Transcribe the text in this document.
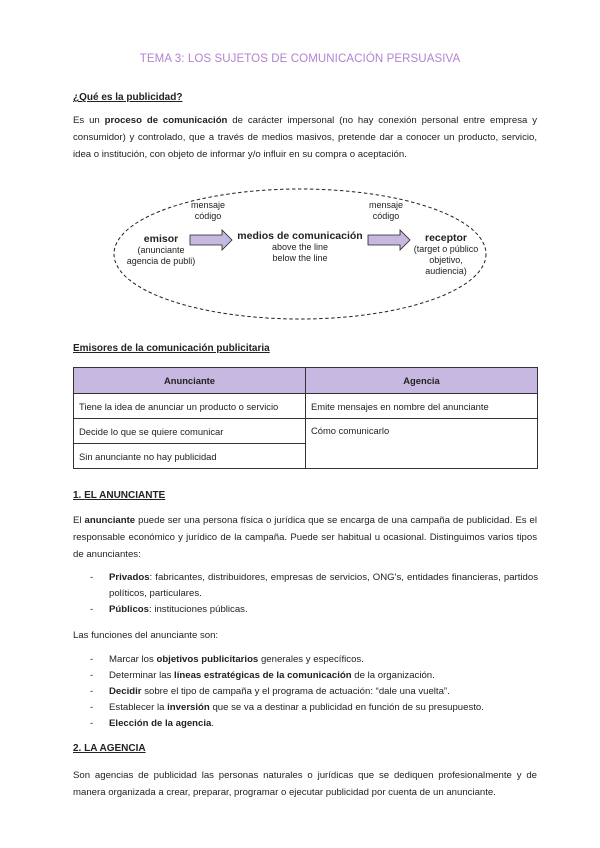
TEMA 3: LOS SUJETOS DE COMUNICACIÓN PERSUASIVA
¿Qué es la publicidad?

Es un proceso de comunicación de carácter impersonal (no hay conexión personal entre empresa y consumidor) y controlado, que a través de medios masivos, pretende dar a conocer un producto, servicio, idea o institución, con objeto de informar y/o influir en su compra o aceptación.

mensaje
código
mensaje
código
emisor
(anunciante
agencia de publi)
medios de comunicación
above the line
below the line
receptor
(target o público
objetivo,
audiencia)
Emisores de la comunicación publicitaria
Anunciante	Agencia
Tiene la idea de anunciar un producto o servicio	Emite mensajes en nombre del anunciante
Decide lo que se quiere comunicar	Cómo comunicarlo
Sin anunciante no hay publicidad	
1. EL ANUNCIANTE

El anunciante puede ser una persona física o jurídica que se encarga de una campaña de publicidad. Es el responsable económico y jurídico de la campaña. Puede ser habitual u ocasional. Distinguimos varios tipos de anunciantes:

- Privados: fabricantes, distribuidores, empresas de servicios, ONG's, entidades financieras, partidos políticos, particulares.
- Públicos: instituciones públicas.

Las funciones del anunciante son:

- Marcar los objetivos publicitarios generales y específicos.
- Determinar las líneas estratégicas de la comunicación de la organización.
- Decidir sobre el tipo de campaña y el programa de actuación: “dale una vuelta”.
- Establecer la inversión que se va a destinar a publicidad en función de su presupuesto.
- Elección de la agencia.
2. LA AGENCIA

Son agencias de publicidad las personas naturales o jurídicas que se dediquen profesionalmente y de manera organizada a crear, preparar, programar o ejecutar publicidad por cuenta de un anunciante.
